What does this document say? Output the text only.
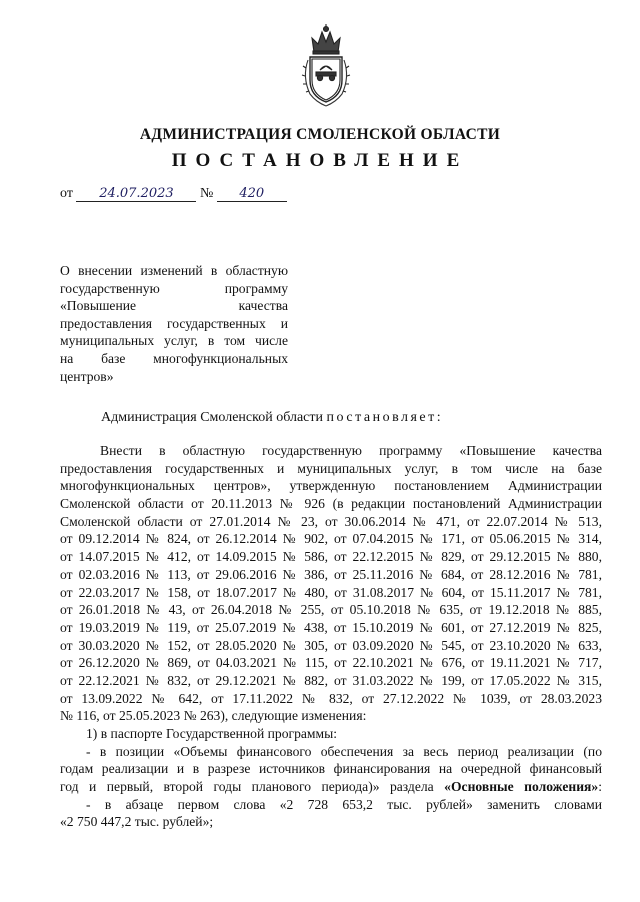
АДМИНИСТРАЦИЯ СМОЛЕНСКОЙ ОБЛАСТИ
ПОСТАНОВЛЕНИЕ
от 24.07.2023 № 420
О внесении изменений в областную
государственную программу
«Повышение качества
предоставления государственных и
муниципальных услуг, в том числе
на базе многофункциональных
центров»
Администрация Смоленской области постановляет:
Внести в областную государственную программу «Повышение качества
предоставления государственных и муниципальных услуг, в том числе на базе
многофункциональных центров», утвержденную постановлением Администрации
Смоленской области от 20.11.2013 № 926 (в редакции постановлений Администрации
Смоленской области от 27.01.2014 № 23, от 30.06.2014 № 471, от 22.07.2014 № 513,
от 09.12.2014 № 824, от 26.12.2014 № 902, от 07.04.2015 № 171, от 05.06.2015 № 314,
от 14.07.2015 № 412, от 14.09.2015 № 586, от 22.12.2015 № 829, от 29.12.2015 № 880,
от 02.03.2016 № 113, от 29.06.2016 № 386, от 25.11.2016 № 684, от 28.12.2016 № 781,
от 22.03.2017 № 158, от 18.07.2017 № 480, от 31.08.2017 № 604, от 15.11.2017 № 781,
от 26.01.2018 № 43, от 26.04.2018 № 255, от 05.10.2018 № 635, от 19.12.2018 № 885,
от 19.03.2019 № 119, от 25.07.2019 № 438, от 15.10.2019 № 601, от 27.12.2019 № 825,
от 30.03.2020 № 152, от 28.05.2020 № 305, от 03.09.2020 № 545, от 23.10.2020 № 633,
от 26.12.2020 № 869, от 04.03.2021 № 115, от 22.10.2021 № 676, от 19.11.2021 № 717,
от 22.12.2021 № 832, от 29.12.2021 № 882, от 31.03.2022 № 199, от 17.05.2022 № 315,
от 13.09.2022 № 642, от 17.11.2022 № 832, от 27.12.2022 № 1039, от 28.03.2023
№ 116, от 25.05.2023 № 263), следующие изменения:
1) в паспорте Государственной программы:
- в позиции «Объемы финансового обеспечения за весь период реализации (по
годам реализации и в разрезе источников финансирования на очередной финансовый
год и первый, второй годы планового периода)» раздела «Основные положения»:
- в абзаце первом слова «2 728 653,2 тыс. рублей» заменить словами
«2 750 447,2 тыс. рублей»;
